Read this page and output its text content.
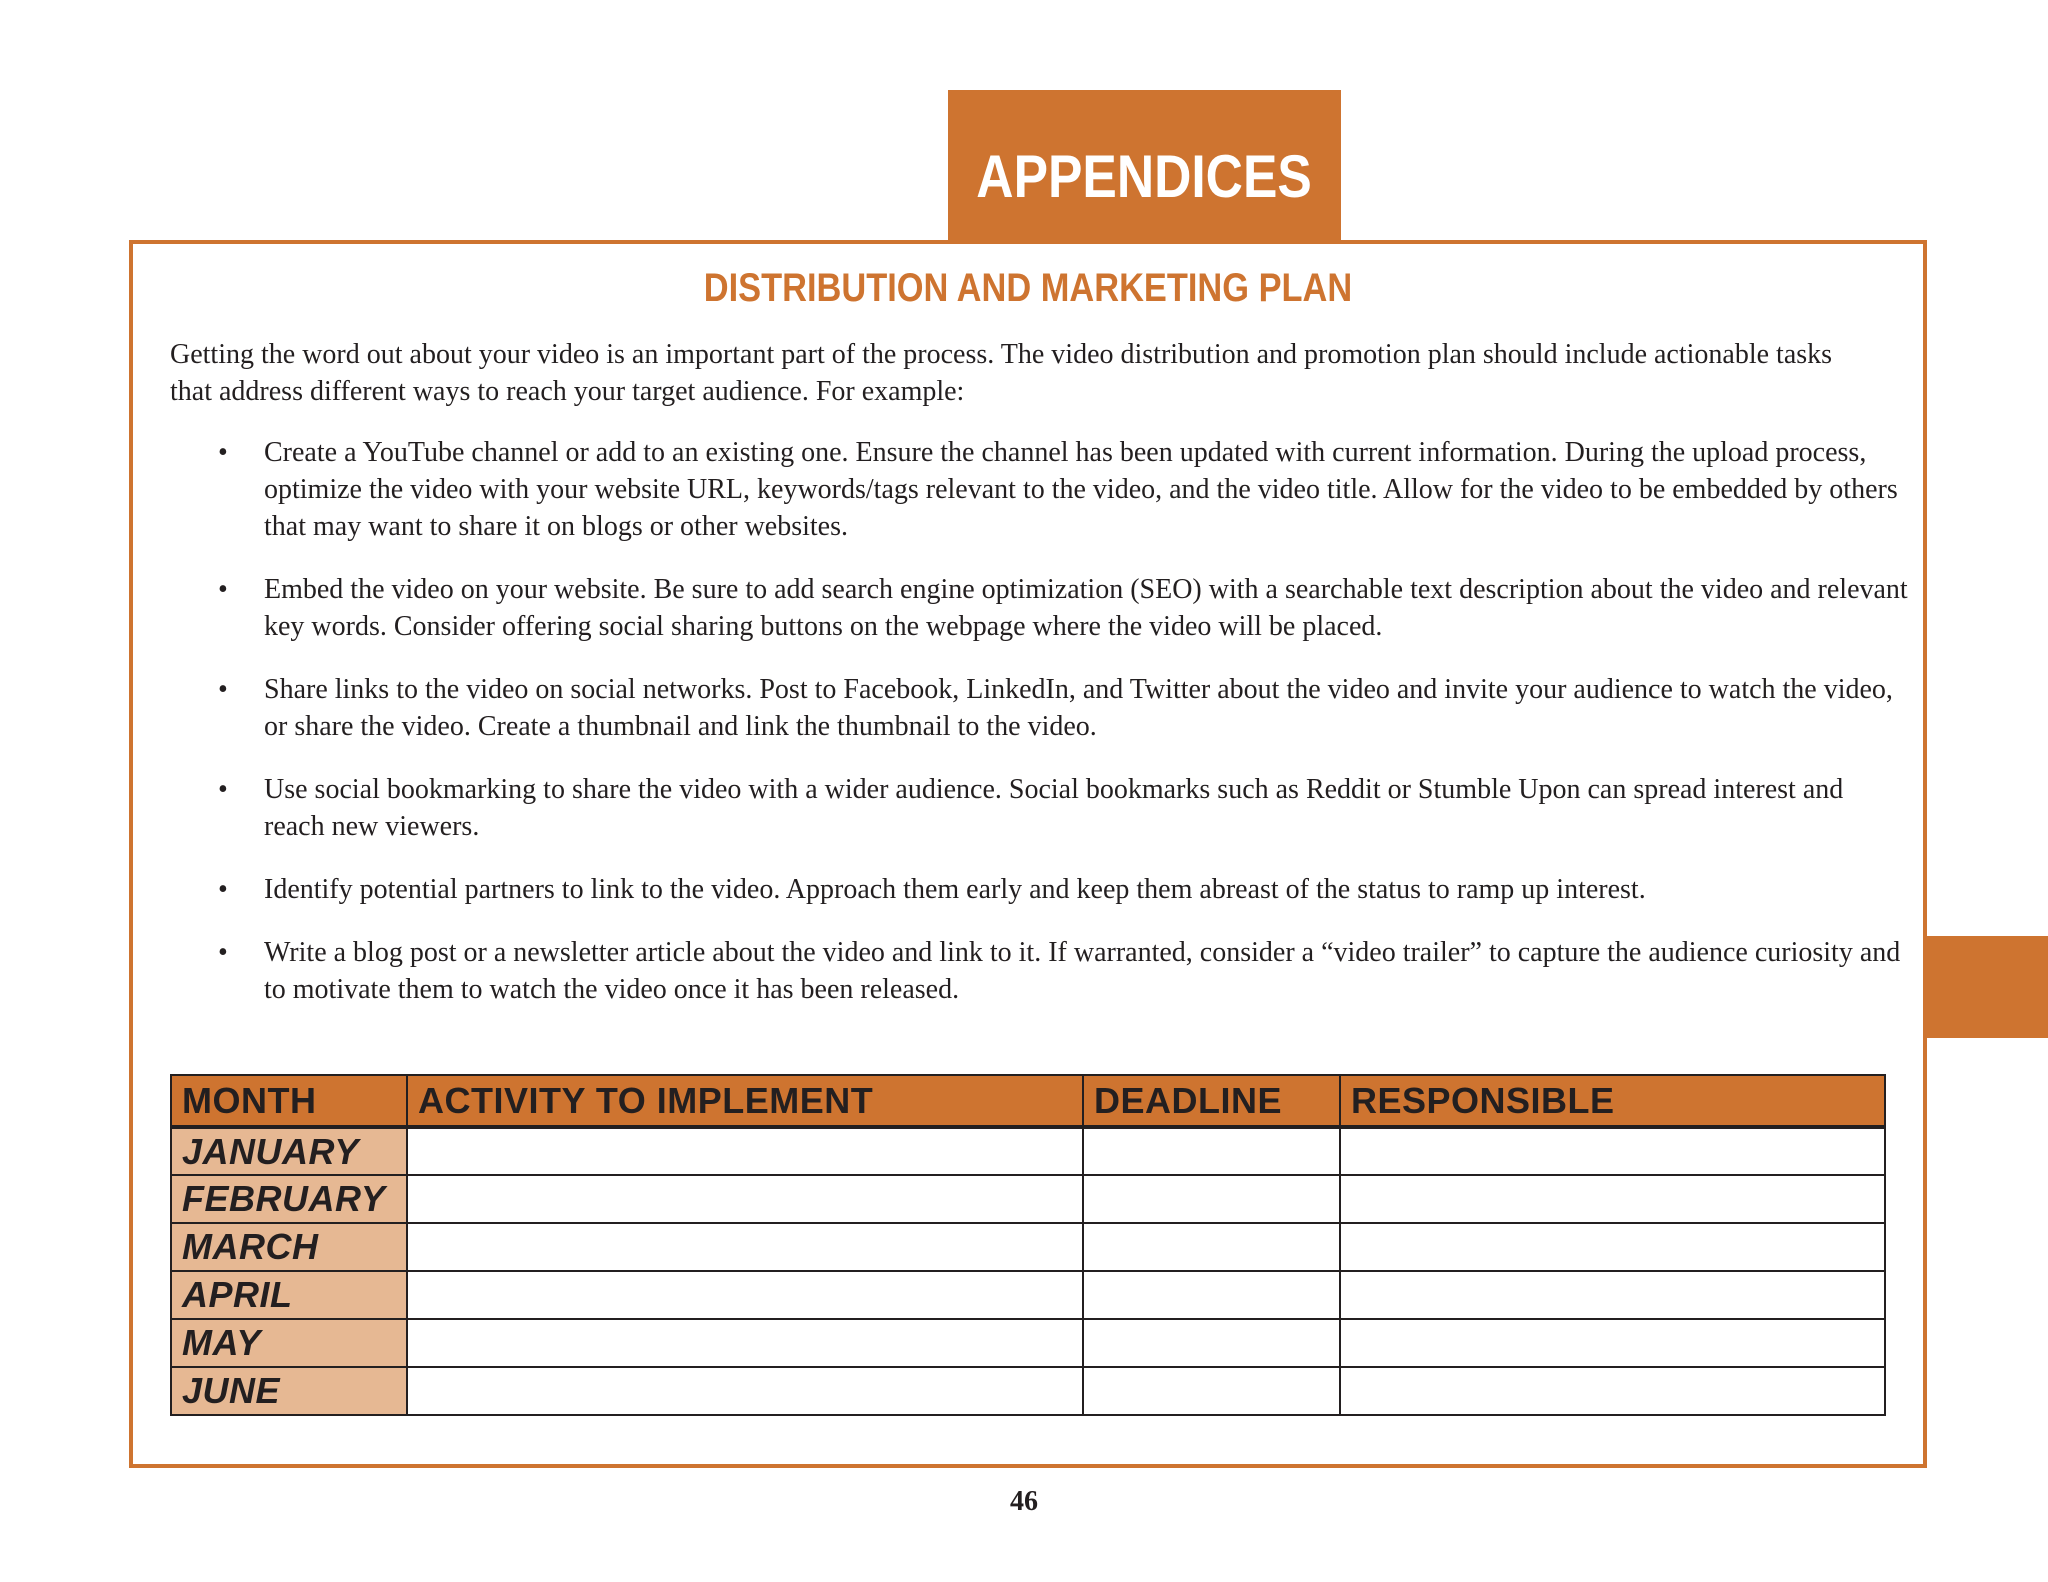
APPENDICES
DISTRIBUTION AND MARKETING PLAN

Getting the word out about your video is an important part of the process. The video distribution and promotion plan should include actionable tasks that address different ways to reach your target audience. For example:

• Create a YouTube channel or add to an existing one. Ensure the channel has been updated with current information. During the upload process, optimize the video with your website URL, keywords/tags relevant to the video, and the video title. Allow for the video to be embedded by others that may want to share it on blogs or other websites.
• Embed the video on your website. Be sure to add search engine optimization (SEO) with a searchable text description about the video and relevant key words. Consider offering social sharing buttons on the webpage where the video will be placed.
• Share links to the video on social networks. Post to Facebook, LinkedIn, and Twitter about the video and invite your audience to watch the video, or share the video. Create a thumbnail and link the thumbnail to the video.
• Use social bookmarking to share the video with a wider audience. Social bookmarks such as Reddit or Stumble Upon can spread interest and reach new viewers.
• Identify potential partners to link to the video. Approach them early and keep them abreast of the status to ramp up interest.
• Write a blog post or a newsletter article about the video and link to it. If warranted, consider a “video trailer” to capture the audience curiosity and to motivate them to watch the video once it has been released.
MONTH	ACTIVITY TO IMPLEMENT	DEADLINE	RESPONSIBLE
JANUARY			
FEBRUARY			
MARCH			
APRIL			
MAY			
JUNE			
46
